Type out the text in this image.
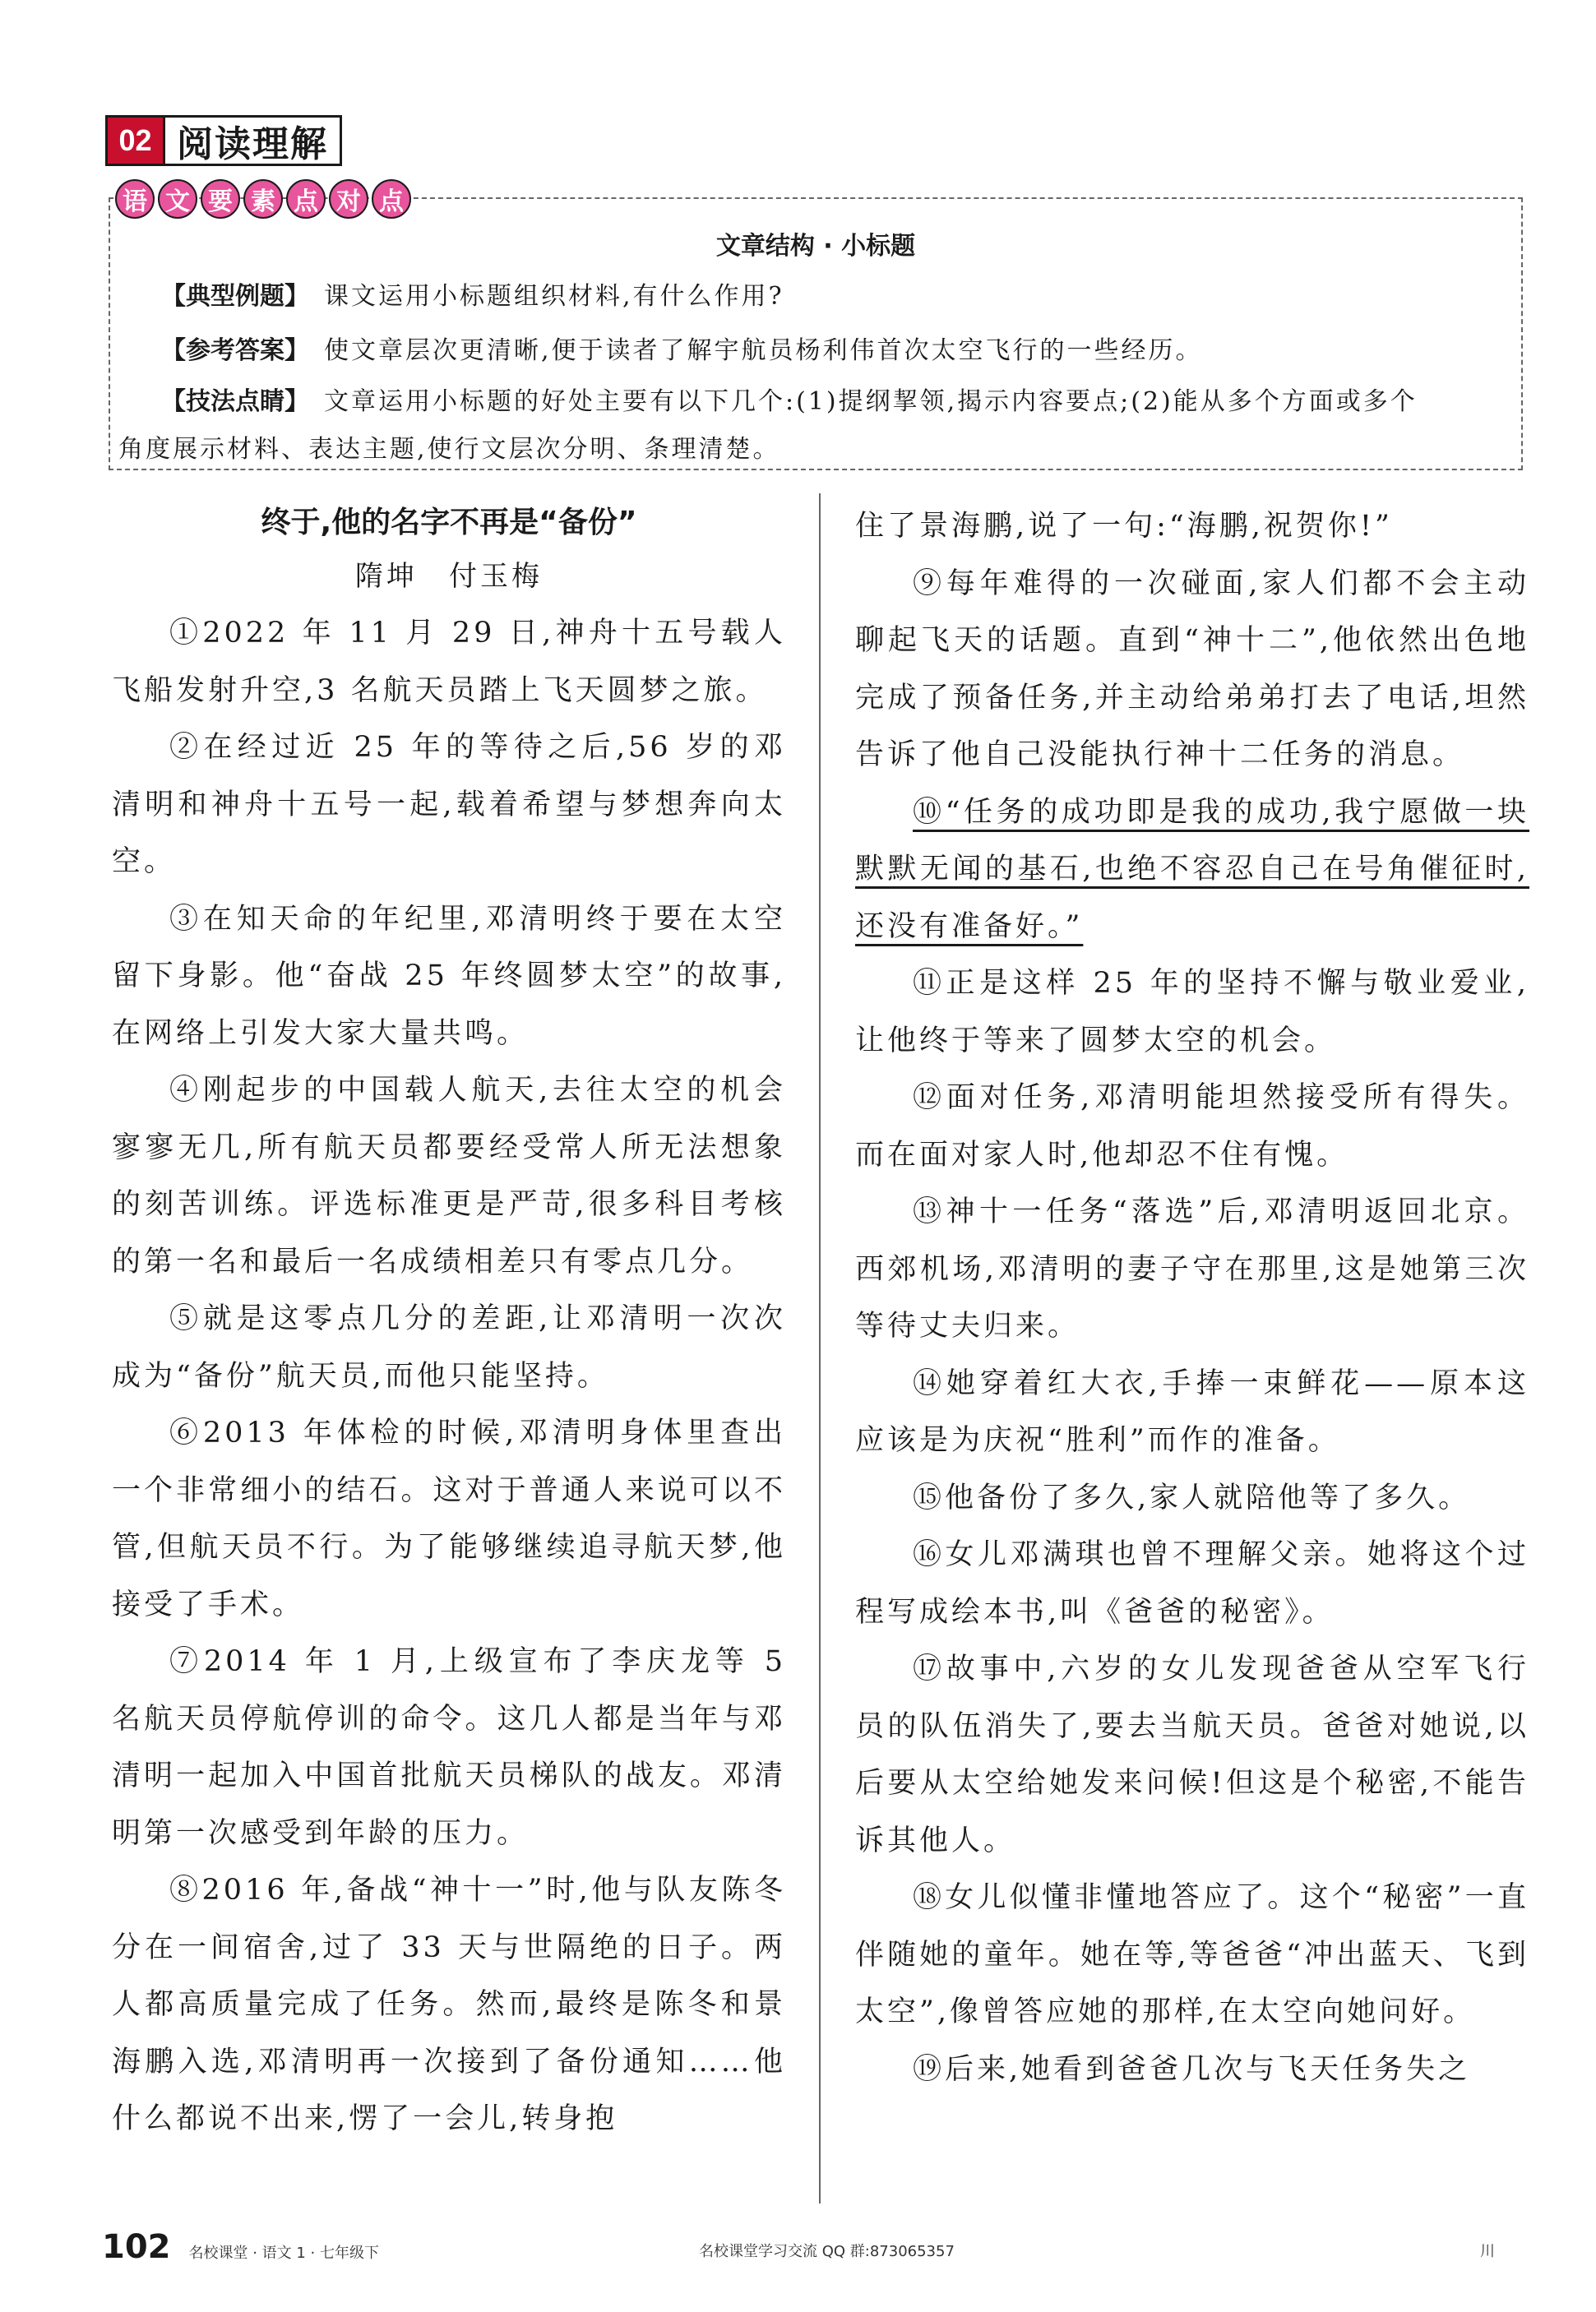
02 阅读理解
语 文 要 素 点 对 点
文章结构 · 小标题
【典型例题】 课文运用小标题组织材料,有什么作用?
【参考答案】 使文章层次更清晰,便于读者了解宇航员杨利伟首次太空飞行的一些经历。
【技法点睛】 文章运用小标题的好处主要有以下几个:(1)提纲挈领,揭示内容要点;(2)能从多个方面或多个
角度展示材料、表达主题,使行文层次分明、条理清楚。
终于,他的名字不再是“备份”
隋坤　付玉梅

①2022 年 11 月 29 日,神舟十五号载人飞船发射升空,3 名航天员踏上飞天圆梦之旅。

②在经过近 25 年的等待之后,56 岁的邓清明和神舟十五号一起,载着希望与梦想奔向太空。

③在知天命的年纪里,邓清明终于要在太空留下身影。他“奋战 25 年终圆梦太空”的故事,在网络上引发大家大量共鸣。

④刚起步的中国载人航天,去往太空的机会寥寥无几,所有航天员都要经受常人所无法想象的刻苦训练。评选标准更是严苛,很多科目考核的第一名和最后一名成绩相差只有零点几分。

⑤就是这零点几分的差距,让邓清明一次次成为“备份”航天员,而他只能坚持。

⑥2013 年体检的时候,邓清明身体里查出一个非常细小的结石。这对于普通人来说可以不管,但航天员不行。为了能够继续追寻航天梦,他接受了手术。

⑦2014 年 1 月,上级宣布了李庆龙等 5 名航天员停航停训的命令。这几人都是当年与邓清明一起加入中国首批航天员梯队的战友。邓清明第一次感受到年龄的压力。

⑧2016 年,备战“神十一”时,他与队友陈冬分在一间宿舍,过了 33 天与世隔绝的日子。两人都高质量完成了任务。然而,最终是陈冬和景海鹏入选,邓清明再一次接到了备份通知……他什么都说不出来,愣了一会儿,转身抱

住了景海鹏,说了一句:“海鹏,祝贺你!”

⑨每年难得的一次碰面,家人们都不会主动聊起飞天的话题。直到“神十二”,他依然出色地完成了预备任务,并主动给弟弟打去了电话,坦然告诉了他自己没能执行神十二任务的消息。

⑩“任务的成功即是我的成功,我宁愿做一块默默无闻的基石,也绝不容忍自己在号角催征时,还没有准备好。”

⑪正是这样 25 年的坚持不懈与敬业爱业,让他终于等来了圆梦太空的机会。

⑫面对任务,邓清明能坦然接受所有得失。而在面对家人时,他却忍不住有愧。

⑬神十一任务“落选”后,邓清明返回北京。西郊机场,邓清明的妻子守在那里,这是她第三次等待丈夫归来。

⑭她穿着红大衣,手捧一束鲜花——原本这应该是为庆祝“胜利”而作的准备。

⑮他备份了多久,家人就陪他等了多久。

⑯女儿邓满琪也曾不理解父亲。她将这个过程写成绘本书,叫《爸爸的秘密》。

⑰故事中,六岁的女儿发现爸爸从空军飞行员的队伍消失了,要去当航天员。爸爸对她说,以后要从太空给她发来问候!但这是个秘密,不能告诉其他人。

⑱女儿似懂非懂地答应了。这个“秘密”一直伴随她的童年。她在等,等爸爸“冲出蓝天、飞到太空”,像曾答应她的那样,在太空向她问好。

⑲后来,她看到爸爸几次与飞天任务失之

102 名校课堂 · 语文 1 · 七年级下	名校课堂学习交流 QQ 群:873065357	川
